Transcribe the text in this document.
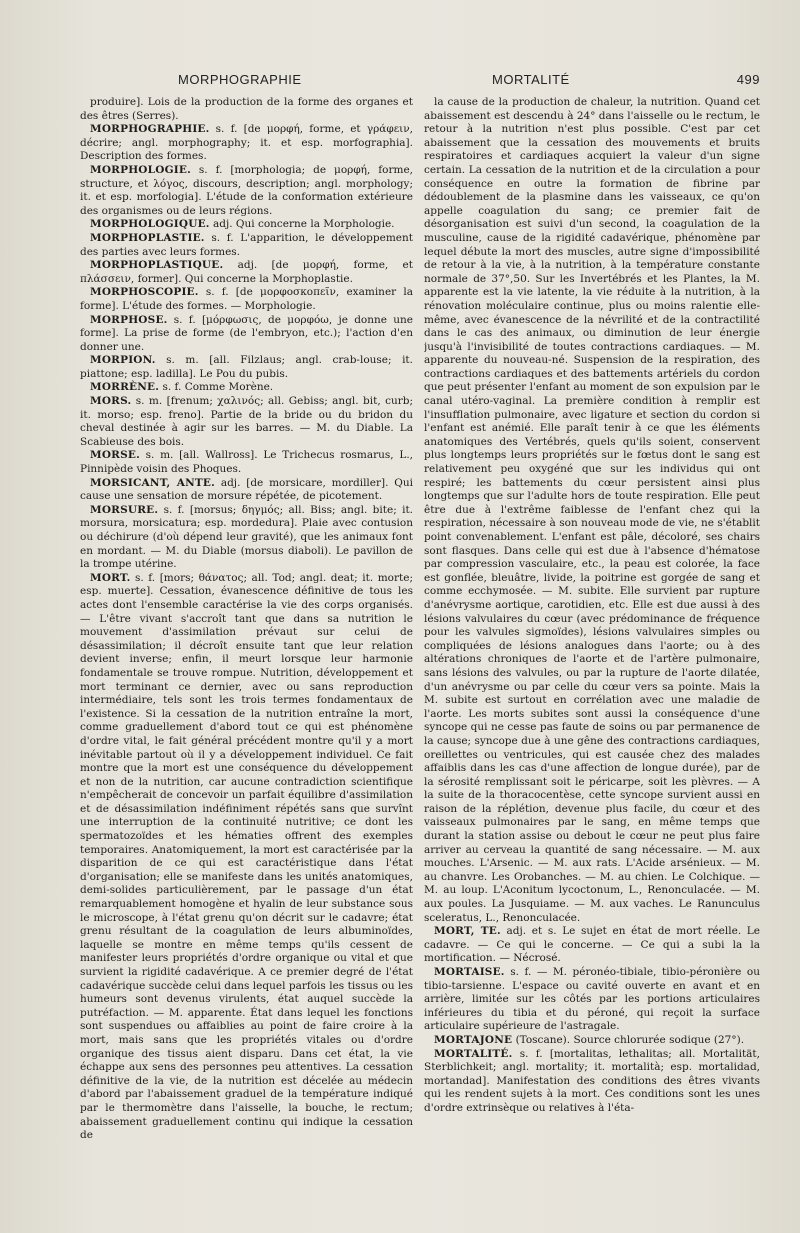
MORPHOGRAPHIE	MORTALITÉ	499

produire]. Lois de la production de la forme des organes et des êtres (Serres).

MORPHOGRAPHIE. s. f. [de μορφή, forme, et γράφειν, décrire; angl. morphography; it. et esp. morfographia]. Description des formes.

MORPHOLOGIE. s. f. [morphologia; de μορφή, forme, structure, et λόγος, discours, description; angl. morphology; it. et esp. morfologia]. L'étude de la conformation extérieure des organismes ou de leurs régions.

MORPHOLOGIQUE. adj. Qui concerne la Morphologie.

MORPHOPLASTIE. s. f. L'apparition, le développement des parties avec leurs formes.

MORPHOPLASTIQUE. adj. [de μορφή, forme, et πλάσσειν, former]. Qui concerne la Morphoplastie.

MORPHOSCOPIE. s. f. [de μορφοσκοπεῖν, examiner la forme]. L'étude des formes. — Morphologie.

MORPHOSE. s. f. [μόρφωσις, de μορφόω, je donne une forme]. La prise de forme (de l'embryon, etc.); l'action d'en donner une.

MORPION. s. m. [all. Filzlaus; angl. crab-louse; it. piattone; esp. ladilla]. Le Pou du pubis.

MORRÈNE. s. f. Comme Morène.

MORS. s. m. [frenum; χαλινός; all. Gebiss; angl. bit, curb; it. morso; esp. freno]. Partie de la bride ou du bridon du cheval destinée à agir sur les barres. — M. du Diable. La Scabieuse des bois.

MORSE. s. m. [all. Wallross]. Le Trichecus rosmarus, L., Pinnipède voisin des Phoques.

MORSICANT, ANTE. adj. [de morsicare, mordiller]. Qui cause une sensation de morsure répétée, de picotement.

MORSURE. s. f. [morsus; δηγμός; all. Biss; angl. bite; it. morsura, morsicatura; esp. mordedura]. Plaie avec contusion ou déchirure (d'où dépend leur gravité), que les animaux font en mordant. — M. du Diable (morsus diaboli). Le pavillon de la trompe utérine.

MORT. s. f. [mors; θάνατος; all. Tod; angl. deat; it. morte; esp. muerte]. Cessation, évanescence définitive de tous les actes dont l'ensemble caractérise la vie des corps organisés. — L'être vivant s'accroît tant que dans sa nutrition le mouvement d'assimilation prévaut sur celui de désassimilation; il décroît ensuite tant que leur relation devient inverse; enfin, il meurt lorsque leur harmonie fondamentale se trouve rompue. Nutrition, développement et mort terminant ce dernier, avec ou sans reproduction intermédiaire, tels sont les trois termes fondamentaux de l'existence. Si la cessation de la nutrition entraîne la mort, comme graduellement d'abord tout ce qui est phénomène d'ordre vital, le fait général précédent montre qu'il y a mort inévitable partout où il y a développement individuel. Ce fait montre que la mort est une conséquence du développement et non de la nutrition, car aucune contradiction scientifique n'empêcherait de concevoir un parfait équilibre d'assimilation et de désassimilation indéfiniment répétés sans que survînt une interruption de la continuité nutritive; ce dont les spermatozoïdes et les hématies offrent des exemples temporaires. Anatomiquement, la mort est caractérisée par la disparition de ce qui est caractéristique dans l'état d'organisation; elle se manifeste dans les unités anatomiques, demi-solides particulièrement, par le passage d'un état remarquablement homogène et hyalin de leur substance sous le microscope, à l'état grenu qu'on décrit sur le cadavre; état grenu résultant de la coagulation de leurs albuminoïdes, laquelle se montre en même temps qu'ils cessent de manifester leurs propriétés d'ordre organique ou vital et que survient la rigidité cadavérique. A ce premier degré de l'état cadavérique succède celui dans lequel parfois les tissus ou les humeurs sont devenus virulents, état auquel succède la putréfaction. — M. apparente. État dans lequel les fonctions sont suspendues ou affaiblies au point de faire croire à la mort, mais sans que les propriétés vitales ou d'ordre organique des tissus aient disparu. Dans cet état, la vie échappe aux sens des personnes peu attentives. La cessation définitive de la vie, de la nutrition est décelée au médecin d'abord par l'abaissement graduel de la température indiqué par le thermomètre dans l'aisselle, la bouche, le rectum; abaissement graduellement continu qui indique la cessation de

la cause de la production de chaleur, la nutrition. Quand cet abaissement est descendu à 24° dans l'aisselle ou le rectum, le retour à la nutrition n'est plus possible. C'est par cet abaissement que la cessation des mouvements et bruits respiratoires et cardiaques acquiert la valeur d'un signe certain. La cessation de la nutrition et de la circulation a pour conséquence en outre la formation de fibrine par dédoublement de la plasmine dans les vaisseaux, ce qu'on appelle coagulation du sang; ce premier fait de désorganisation est suivi d'un second, la coagulation de la musculine, cause de la rigidité cadavérique, phénomène par lequel débute la mort des muscles, autre signe d'impossibilité de retour à la vie, à la nutrition, à la température constante normale de 37°,50. Sur les Invertébrés et les Plantes, la M. apparente est la vie latente, la vie réduite à la nutrition, à la rénovation moléculaire continue, plus ou moins ralentie elle-même, avec évanescence de la névrilité et de la contractilité dans le cas des animaux, ou diminution de leur énergie jusqu'à l'invisibilité de toutes contractions cardiaques. — M. apparente du nouveau-né. Suspension de la respiration, des contractions cardiaques et des battements artériels du cordon que peut présenter l'enfant au moment de son expulsion par le canal utéro-vaginal. La première condition à remplir est l'insufflation pulmonaire, avec ligature et section du cordon si l'enfant est anémié. Elle paraît tenir à ce que les éléments anatomiques des Vertébrés, quels qu'ils soient, conservent plus longtemps leurs propriétés sur le fœtus dont le sang est relativement peu oxygéné que sur les individus qui ont respiré; les battements du cœur persistent ainsi plus longtemps que sur l'adulte hors de toute respiration. Elle peut être due à l'extrême faiblesse de l'enfant chez qui la respiration, nécessaire à son nouveau mode de vie, ne s'établit point convenablement. L'enfant est pâle, décoloré, ses chairs sont flasques. Dans celle qui est due à l'absence d'hématose par compression vasculaire, etc., la peau est colorée, la face est gonflée, bleuâtre, livide, la poitrine est gorgée de sang et comme ecchymosée. — M. subite. Elle survient par rupture d'anévrysme aortique, carotidien, etc. Elle est due aussi à des lésions valvulaires du cœur (avec prédominance de fréquence pour les valvules sigmoïdes), lésions valvulaires simples ou compliquées de lésions analogues dans l'aorte; ou à des altérations chroniques de l'aorte et de l'artère pulmonaire, sans lésions des valvules, ou par la rupture de l'aorte dilatée, d'un anévrysme ou par celle du cœur vers sa pointe. Mais la M. subite est surtout en corrélation avec une maladie de l'aorte. Les morts subites sont aussi la conséquence d'une syncope qui ne cesse pas faute de soins ou par permanence de la cause; syncope due à une gêne des contractions cardiaques, oreillettes ou ventricules, qui est causée chez des malades affaiblis dans les cas d'une affection de longue durée), par de la sérosité remplissant soit le péricarpe, soit les plèvres. — A la suite de la thoracocentèse, cette syncope survient aussi en raison de la réplétion, devenue plus facile, du cœur et des vaisseaux pulmonaires par le sang, en même temps que durant la station assise ou debout le cœur ne peut plus faire arriver au cerveau la quantité de sang nécessaire. — M. aux mouches. L'Arsenic. — M. aux rats. L'Acide arsénieux. — M. au chanvre. Les Orobanches. — M. au chien. Le Colchique. — M. au loup. L'Aconitum lycoctonum, L., Renonculacée. — M. aux poules. La Jusquiame. — M. aux vaches. Le Ranunculus sceleratus, L., Renonculacée.

MORT, TE. adj. et s. Le sujet en état de mort réelle. Le cadavre. — Ce qui le concerne. — Ce qui a subi la la mortification. — Nécrosé.

MORTAISE. s. f. — M. péronéo-tibiale, tibio-péronière ou tibio-tarsienne. L'espace ou cavité ouverte en avant et en arrière, limitée sur les côtés par les portions articulaires inférieures du tibia et du péroné, qui reçoit la surface articulaire supérieure de l'astragale.

MORTAJONE (Toscane). Source chlorurée sodique (27°).

MORTALITÉ. s. f. [mortalitas, lethalitas; all. Mortalität, Sterblichkeit; angl. mortality; it. mortalità; esp. mortalidad, mortandad]. Manifestation des conditions des êtres vivants qui les rendent sujets à la mort. Ces conditions sont les unes d'ordre extrinsèque ou relatives à l'éta-
